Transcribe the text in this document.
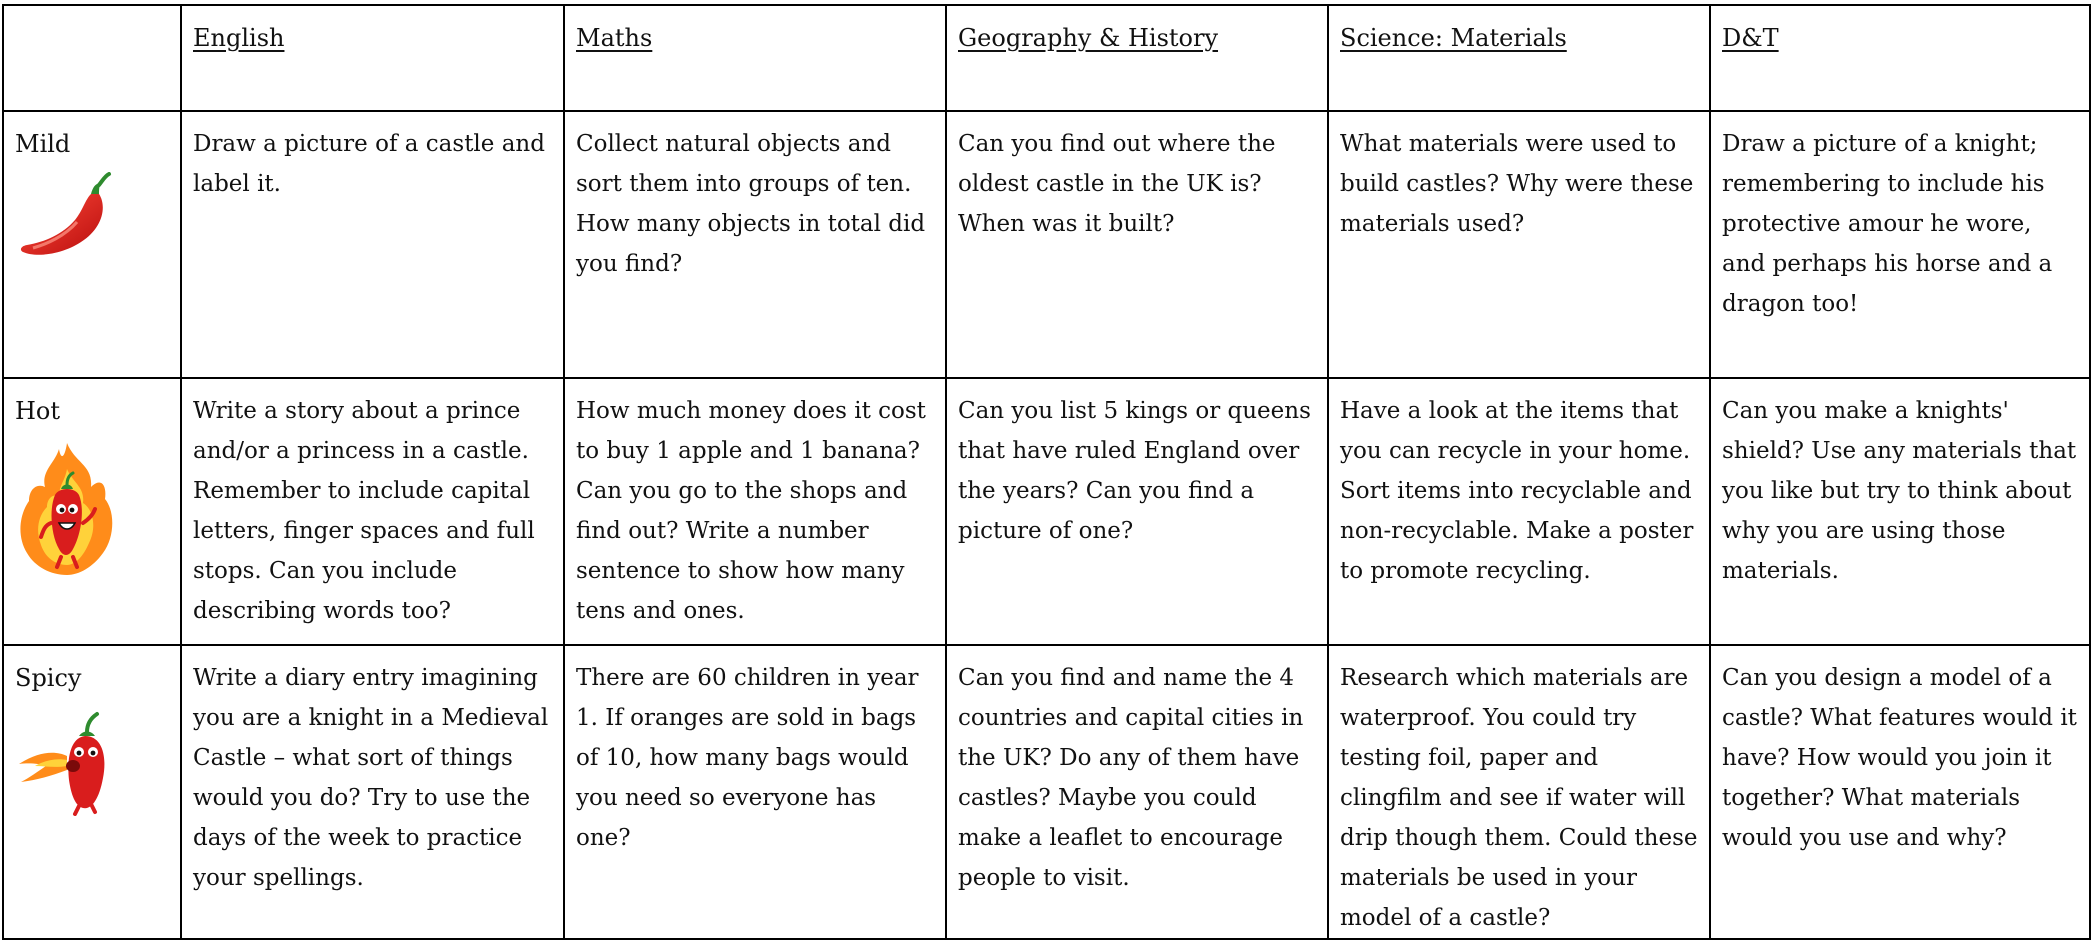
	English	Maths	Geography & History	Science: Materials	D&T

Mild	Draw a picture of a castle and label it.	Collect natural objects and sort them into groups of ten. How many objects in total did you find?	Can you find out where the oldest castle in the UK is? When was it built?	What materials were used to build castles? Why were these materials used?	Draw a picture of a knight; remembering to include his protective amour he wore, and perhaps his horse and a dragon too!

Hot	Write a story about a prince and/or a princess in a castle. Remember to include capital letters, finger spaces and full stops. Can you include describing words too?	How much money does it cost to buy 1 apple and 1 banana? Can you go to the shops and find out? Write a number sentence to show how many tens and ones.	Can you list 5 kings or queens that have ruled England over the years? Can you find a picture of one?	Have a look at the items that you can recycle in your home. Sort items into recyclable and non-recyclable. Make a poster to promote recycling.	Can you make a knights' shield? Use any materials that you like but try to think about why you are using those materials.

Spicy	Write a diary entry imagining you are a knight in a Medieval Castle – what sort of things would you do? Try to use the days of the week to practice your spellings.	There are 60 children in year 1. If oranges are sold in bags of 10, how many bags would you need so everyone has one?	Can you find and name the 4 countries and capital cities in the UK? Do any of them have castles? Maybe you could make a leaflet to encourage people to visit.	Research which materials are waterproof. You could try testing foil, paper and clingfilm and see if water will drip though them. Could these materials be used in your model of a castle?	Can you design a model of a castle? What features would it have? How would you join it together? What materials would you use and why?
